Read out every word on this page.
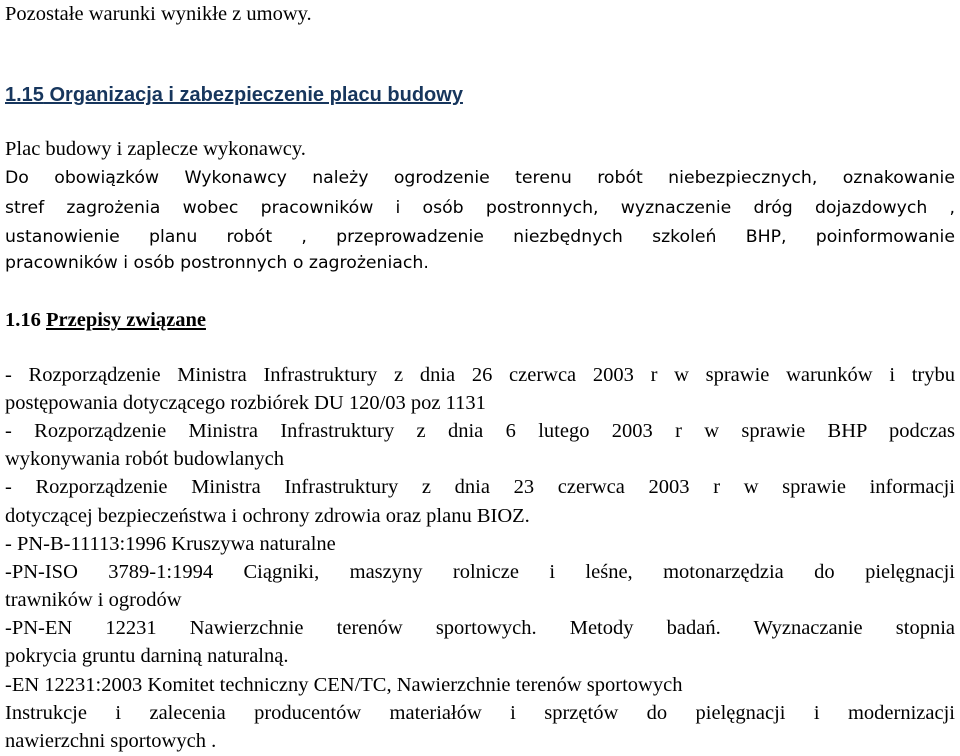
Pozostałe warunki wynikłe z umowy.
1.15 Organizacja i zabezpieczenie placu budowy
Plac budowy i zaplecze wykonawcy.
Do obowiązków Wykonawcy należy ogrodzenie terenu robót niebezpiecznych, oznakowanie
stref zagrożenia wobec pracowników i osób postronnych, wyznaczenie dróg dojazdowych ,
ustanowienie planu robót , przeprowadzenie niezbędnych szkoleń BHP, poinformowanie
pracowników i osób postronnych o zagrożeniach.
1.16 Przepisy związane
- Rozporządzenie Ministra Infrastruktury z dnia 26 czerwca 2003 r w sprawie warunków i trybu
postępowania dotyczącego rozbiórek DU 120/03 poz 1131
- Rozporządzenie Ministra Infrastruktury z dnia 6 lutego 2003 r w sprawie BHP podczas
wykonywania robót budowlanych
- Rozporządzenie Ministra Infrastruktury z dnia 23 czerwca 2003 r w sprawie informacji
dotyczącej bezpieczeństwa i ochrony zdrowia oraz planu BIOZ.
- PN-B-11113:1996 Kruszywa naturalne
-PN-ISO 3789-1:1994 Ciągniki, maszyny rolnicze i leśne, motonarzędzia do pielęgnacji
trawników i ogrodów
-PN-EN 12231 Nawierzchnie terenów sportowych. Metody badań. Wyznaczanie stopnia
pokrycia gruntu darniną naturalną.
-EN 12231:2003 Komitet techniczny CEN/TC, Nawierzchnie terenów sportowych
Instrukcje i zalecenia producentów materiałów i sprzętów do pielęgnacji i modernizacji
nawierzchni sportowych .
